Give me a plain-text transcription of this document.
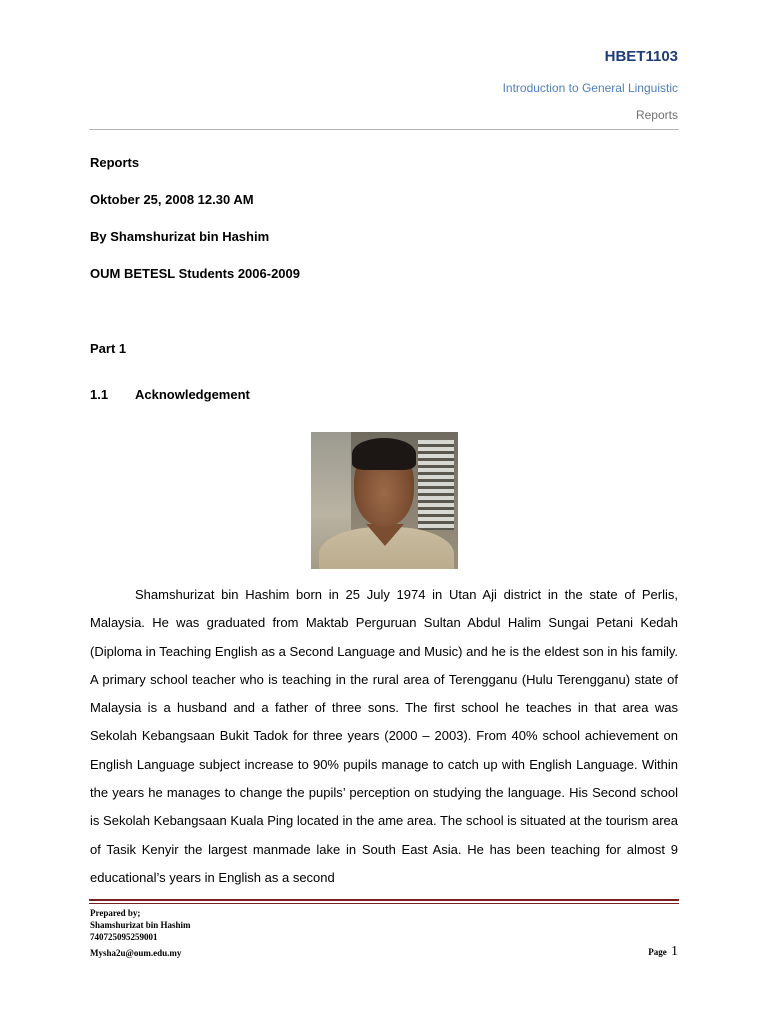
HBET1103
Introduction to General Linguistic
Reports

Reports

Oktober 25, 2008 12.30 AM

By Shamshurizat bin Hashim

OUM BETESL Students 2006-2009

Part 1

1.1 Acknowledgement

Shamshurizat bin Hashim born in 25 July 1974 in Utan Aji district in the state of Perlis, Malaysia. He was graduated from Maktab Perguruan Sultan Abdul Halim Sungai Petani Kedah (Diploma in Teaching English as a Second Language and Music) and he is the eldest son in his family. A primary school teacher who is teaching in the rural area of Terengganu (Hulu Terengganu) state of Malaysia is a husband and a father of three sons. The first school he teaches in that area was Sekolah Kebangsaan Bukit Tadok for three years (2000 – 2003). From 40% school achievement on English Language subject increase to 90% pupils manage to catch up with English Language. Within the years he manages to change the pupils’ perception on studying the language. His Second school is Sekolah Kebangsaan Kuala Ping located in the ame area. The school is situated at the tourism area of Tasik Kenyir the largest manmade lake in South East Asia. He has been teaching for almost 9 educational’s years in English as a second

Prepared by;
Shamshurizat bin Hashim
740725095259001
Mysha2u@oum.edu.my	Page 1
